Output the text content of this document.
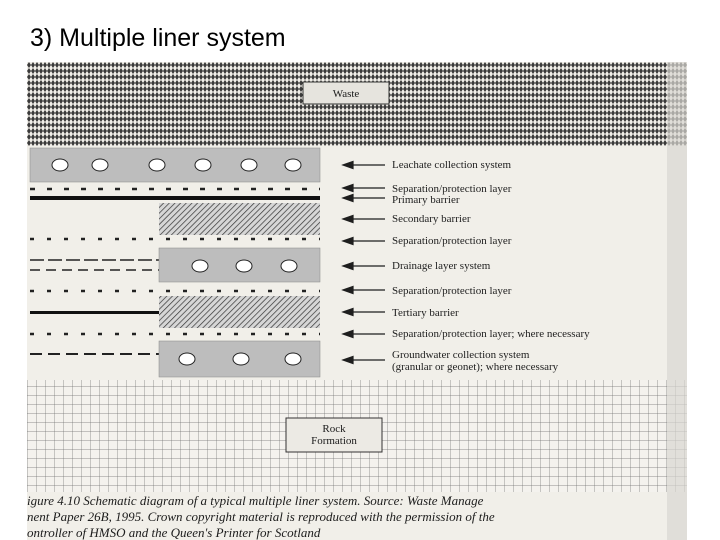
3) Multiple liner system
Waste
Rock
Formation
Leachate collection system
Separation/protection layer
Primary barrier
Secondary barrier
Separation/protection layer
Drainage layer system
Separation/protection layer
Tertiary barrier
Separation/protection layer; where necessary
Groundwater collection system
(granular or geonet); where necessary
igure 4.10 Schematic diagram of a typical multiple liner system. Source: Waste Manage
nent Paper 26B, 1995. Crown copyright material is reproduced with the permission of the
ontroller of HMSO and the Queen's Printer for Scotland
